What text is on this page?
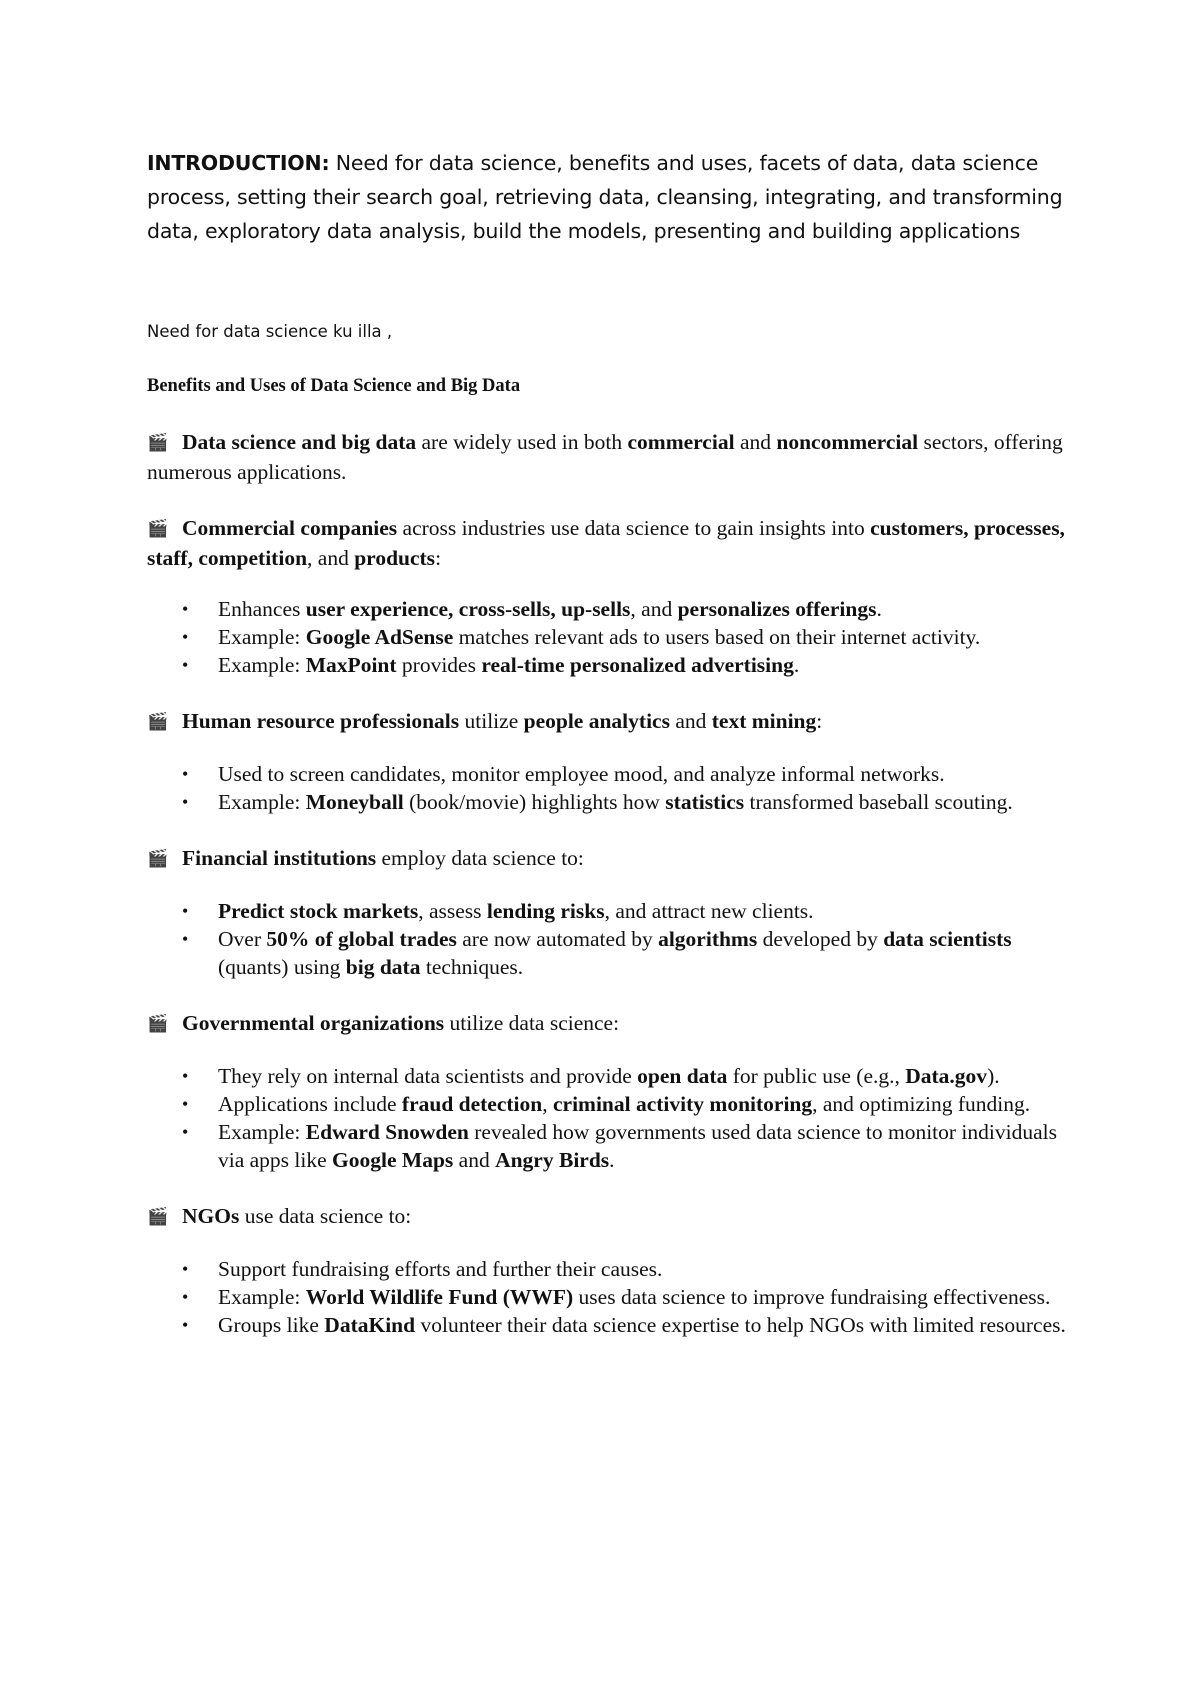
INTRODUCTION: Need for data science, benefits and uses, facets of data, data science process, setting their search goal, retrieving data, cleansing, integrating, and transforming data, exploratory data analysis, build the models, presenting and building applications
Need for data science ku illa ,
Benefits and Uses of Data Science and Big Data
🎬 Data science and big data are widely used in both commercial and noncommercial sectors, offering numerous applications.
🎬 Commercial companies across industries use data science to gain insights into customers, processes, staff, competition, and products:
• Enhances user experience, cross-sells, up-sells, and personalizes offerings.
• Example: Google AdSense matches relevant ads to users based on their internet activity.
• Example: MaxPoint provides real-time personalized advertising.
🎬 Human resource professionals utilize people analytics and text mining:
• Used to screen candidates, monitor employee mood, and analyze informal networks.
• Example: Moneyball (book/movie) highlights how statistics transformed baseball scouting.
🎬 Financial institutions employ data science to:
• Predict stock markets, assess lending risks, and attract new clients.
• Over 50% of global trades are now automated by algorithms developed by data scientists (quants) using big data techniques.
🎬 Governmental organizations utilize data science:
• They rely on internal data scientists and provide open data for public use (e.g., Data.gov).
• Applications include fraud detection, criminal activity monitoring, and optimizing funding.
• Example: Edward Snowden revealed how governments used data science to monitor individuals via apps like Google Maps and Angry Birds.
🎬 NGOs use data science to:
• Support fundraising efforts and further their causes.
• Example: World Wildlife Fund (WWF) uses data science to improve fundraising effectiveness.
• Groups like DataKind volunteer their data science expertise to help NGOs with limited resources.
